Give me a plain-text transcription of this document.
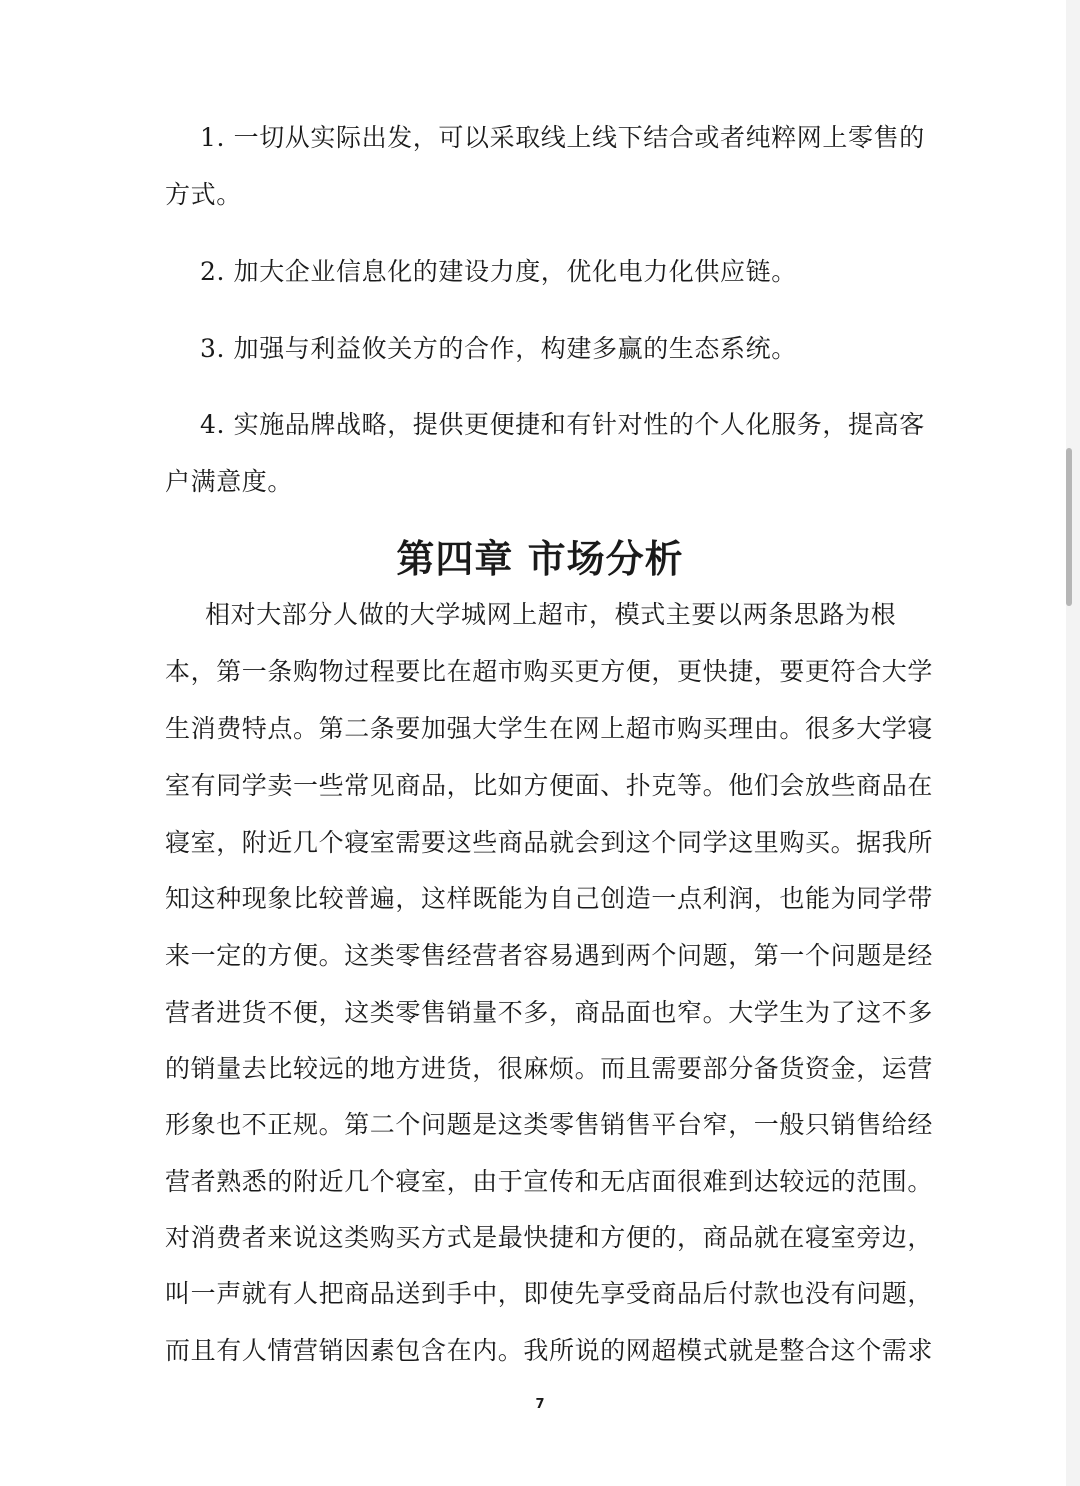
1. 一切从实际出发，可以采取线上线下结合或者纯粹网上零售的
方式。
2. 加大企业信息化的建设力度，优化电力化供应链。
3. 加强与利益攸关方的合作，构建多赢的生态系统。
4. 实施品牌战略，提供更便捷和有针对性的个人化服务，提高客
户满意度。
第四章 市场分析
相对大部分人做的大学城网上超市，模式主要以两条思路为根
本，第一条购物过程要比在超市购买更方便，更快捷，要更符合大学
生消费特点。第二条要加强大学生在网上超市购买理由。很多大学寝
室有同学卖一些常见商品，比如方便面、扑克等。他们会放些商品在
寝室，附近几个寝室需要这些商品就会到这个同学这里购买。据我所
知这种现象比较普遍，这样既能为自己创造一点利润，也能为同学带
来一定的方便。这类零售经营者容易遇到两个问题，第一个问题是经
营者进货不便，这类零售销量不多，商品面也窄。大学生为了这不多
的销量去比较远的地方进货，很麻烦。而且需要部分备货资金，运营
形象也不正规。第二个问题是这类零售销售平台窄，一般只销售给经
营者熟悉的附近几个寝室，由于宣传和无店面很难到达较远的范围。
对消费者来说这类购买方式是最快捷和方便的，商品就在寝室旁边，
叫一声就有人把商品送到手中，即使先享受商品后付款也没有问题，
而且有人情营销因素包含在内。我所说的网超模式就是整合这个需求
7
